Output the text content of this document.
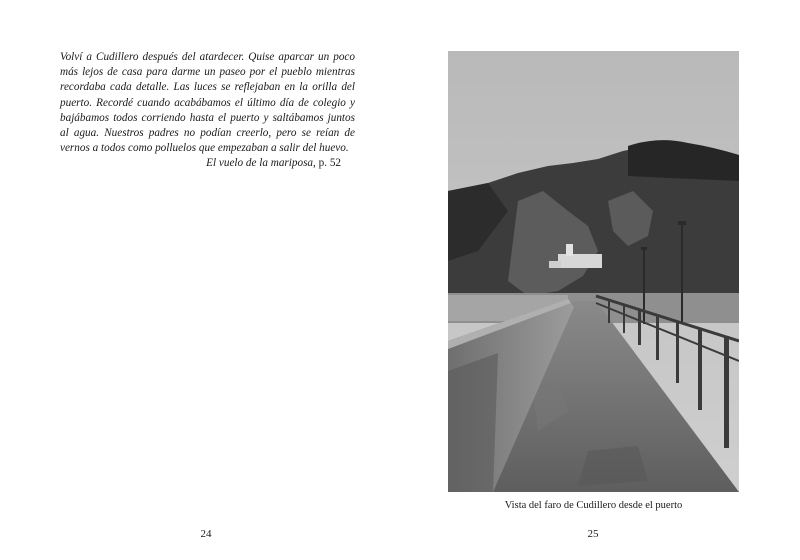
Volví a Cudillero después del atardecer. Quise aparcar un poco más lejos de casa para darme un paseo por el pueblo mientras recordaba cada detalle. Las luces se reflejaban en la orilla del puerto. Recordé cuando acabábamos el último día de colegio y bajábamos todos corriendo hasta el puerto y saltábamos juntos al agua. Nuestros padres no podían creerlo, pero se reían de vernos a todos como polluelos que empezaban a salir del huevo.

El vuelo de la mariposa, p. 52

24

Vista del faro de Cudillero desde el puerto

25
